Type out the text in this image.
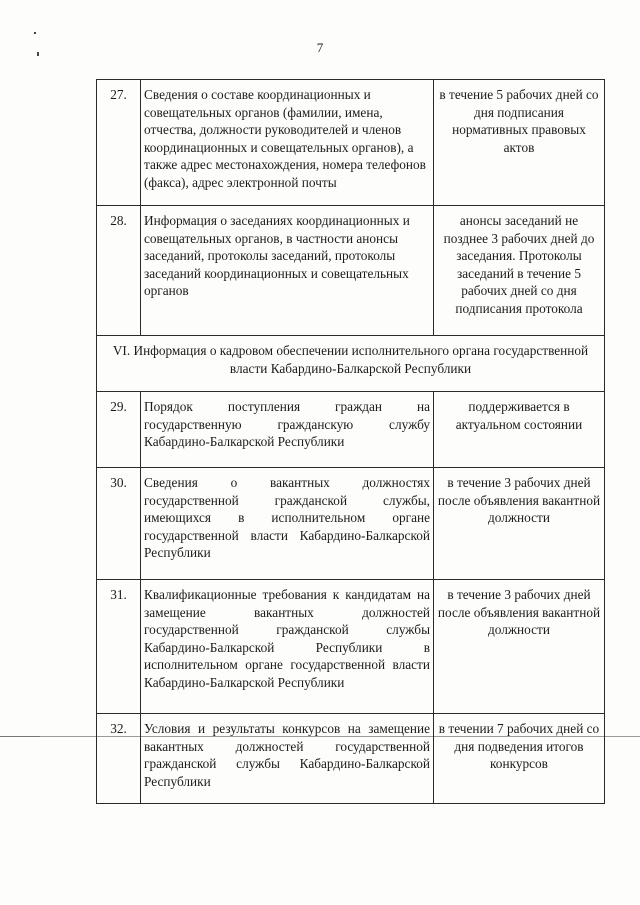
7
27.	Сведения о составе координационных и совещательных органов (фамилии, имена, отчества, должности руководителей и членов координационных и совещательных органов), а также адрес местонахождения, номера телефонов (факса), адрес электронной почты	в течение 5 рабочих дней со дня подписания нормативных правовых актов
28.	Информация о заседаниях координационных и совещательных органов, в частности анонсы заседаний, протоколы заседаний, протоколы заседаний координационных и совещательных органов	анонсы заседаний не позднее 3 рабочих дней до заседания. Протоколы заседаний в течение 5 рабочих дней со дня подписания протокола
VI. Информация о кадровом обеспечении исполнительного органа государственной власти Кабардино-Балкарской Республики		
29.	Порядок поступления граждан на государственную гражданскую службу Кабардино-Балкарской Республики	поддерживается в актуальном состоянии
30.	Сведения о вакантных должностях государственной гражданской службы, имеющихся в исполнительном органе государственной власти Кабардино-Балкарской Республики	в течение 3 рабочих дней после объявления вакантной должности
31.	Квалификационные требования к кандидатам на замещение вакантных должностей государственной гражданской службы Кабардино-Балкарской Республики в исполнительном органе государственной власти Кабардино-Балкарской Республики	в течение 3 рабочих дней после объявления вакантной должности
32.	Условия и результаты конкурсов на замещение вакантных должностей государственной гражданской службы Кабардино-Балкарской Республики	в течении 7 рабочих дней со дня подведения итогов конкурсов
